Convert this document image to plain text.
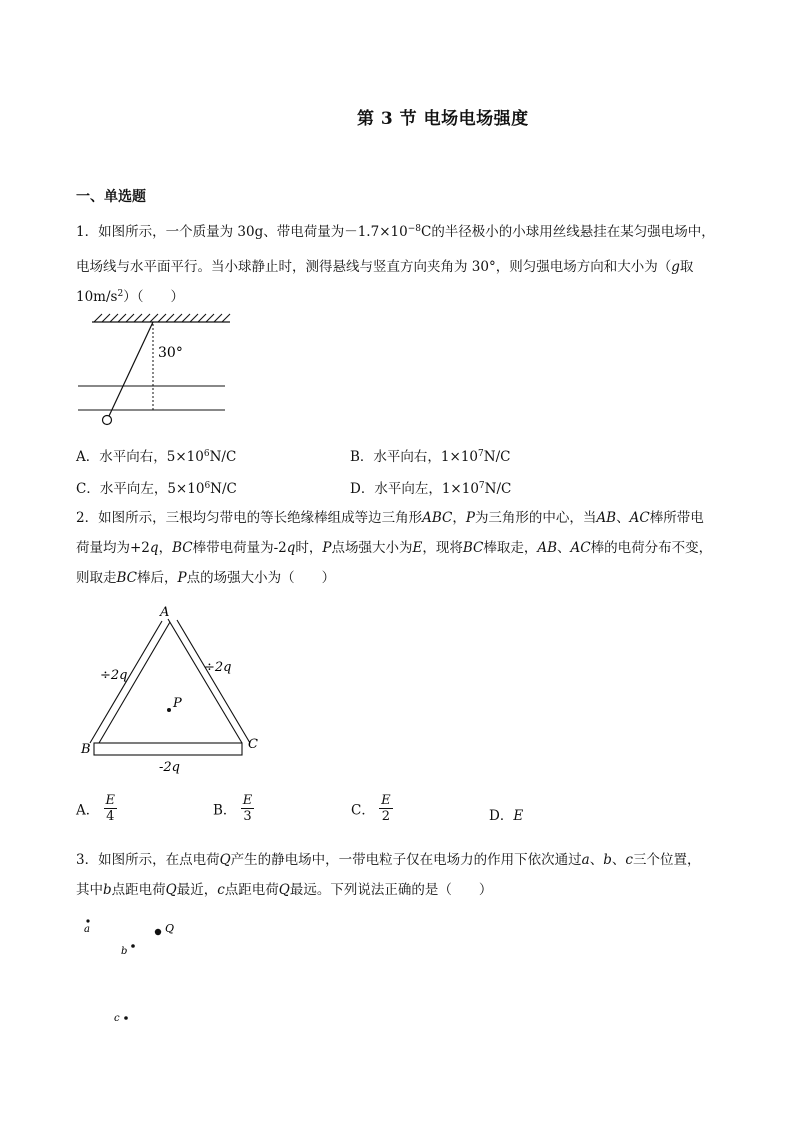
第 3 节 电场电场强度
一、单选题
1．如图所示，一个质量为 30g、带电荷量为$-1.7\times 10^{-8}C$的半径极小的小球用丝线悬挂在某匀强电场中，
电场线与水平面平行。当小球静止时，测得悬线与竖直方向夹角为 30°，则匀强电场方向和大小为（g取
$10m/s^2$）（　　）
30°
A．水平向右，$5\times 10^6N/C$	B．水平向右，$1\times 10^7N/C$
C．水平向左，$5\times 10^6N/C$	D．水平向左，$1\times 10^7N/C$
2．如图所示，三根均匀带电的等长绝缘棒组成等边三角形ABC，P为三角形的中心，当AB、AC棒所带电
荷量均为+2q，BC棒带电荷量为-2q时，P点场强大小为E，现将BC棒取走，AB、AC棒的电荷分布不变，
则取走BC棒后，P点的场强大小为（　　）
A
B	C
÷2q
÷2q
-2q
P
A． $\frac{E}{4}$	B． $\frac{E}{3}$	C． $\frac{E}{2}$	D．E
3．如图所示，在点电荷Q产生的静电场中，一带电粒子仅在电场力的作用下依次通过a、b、c三个位置，
其中b点距电荷Q最近，c点距电荷Q最远。下列说法正确的是（　　）
a	Q
b
c
